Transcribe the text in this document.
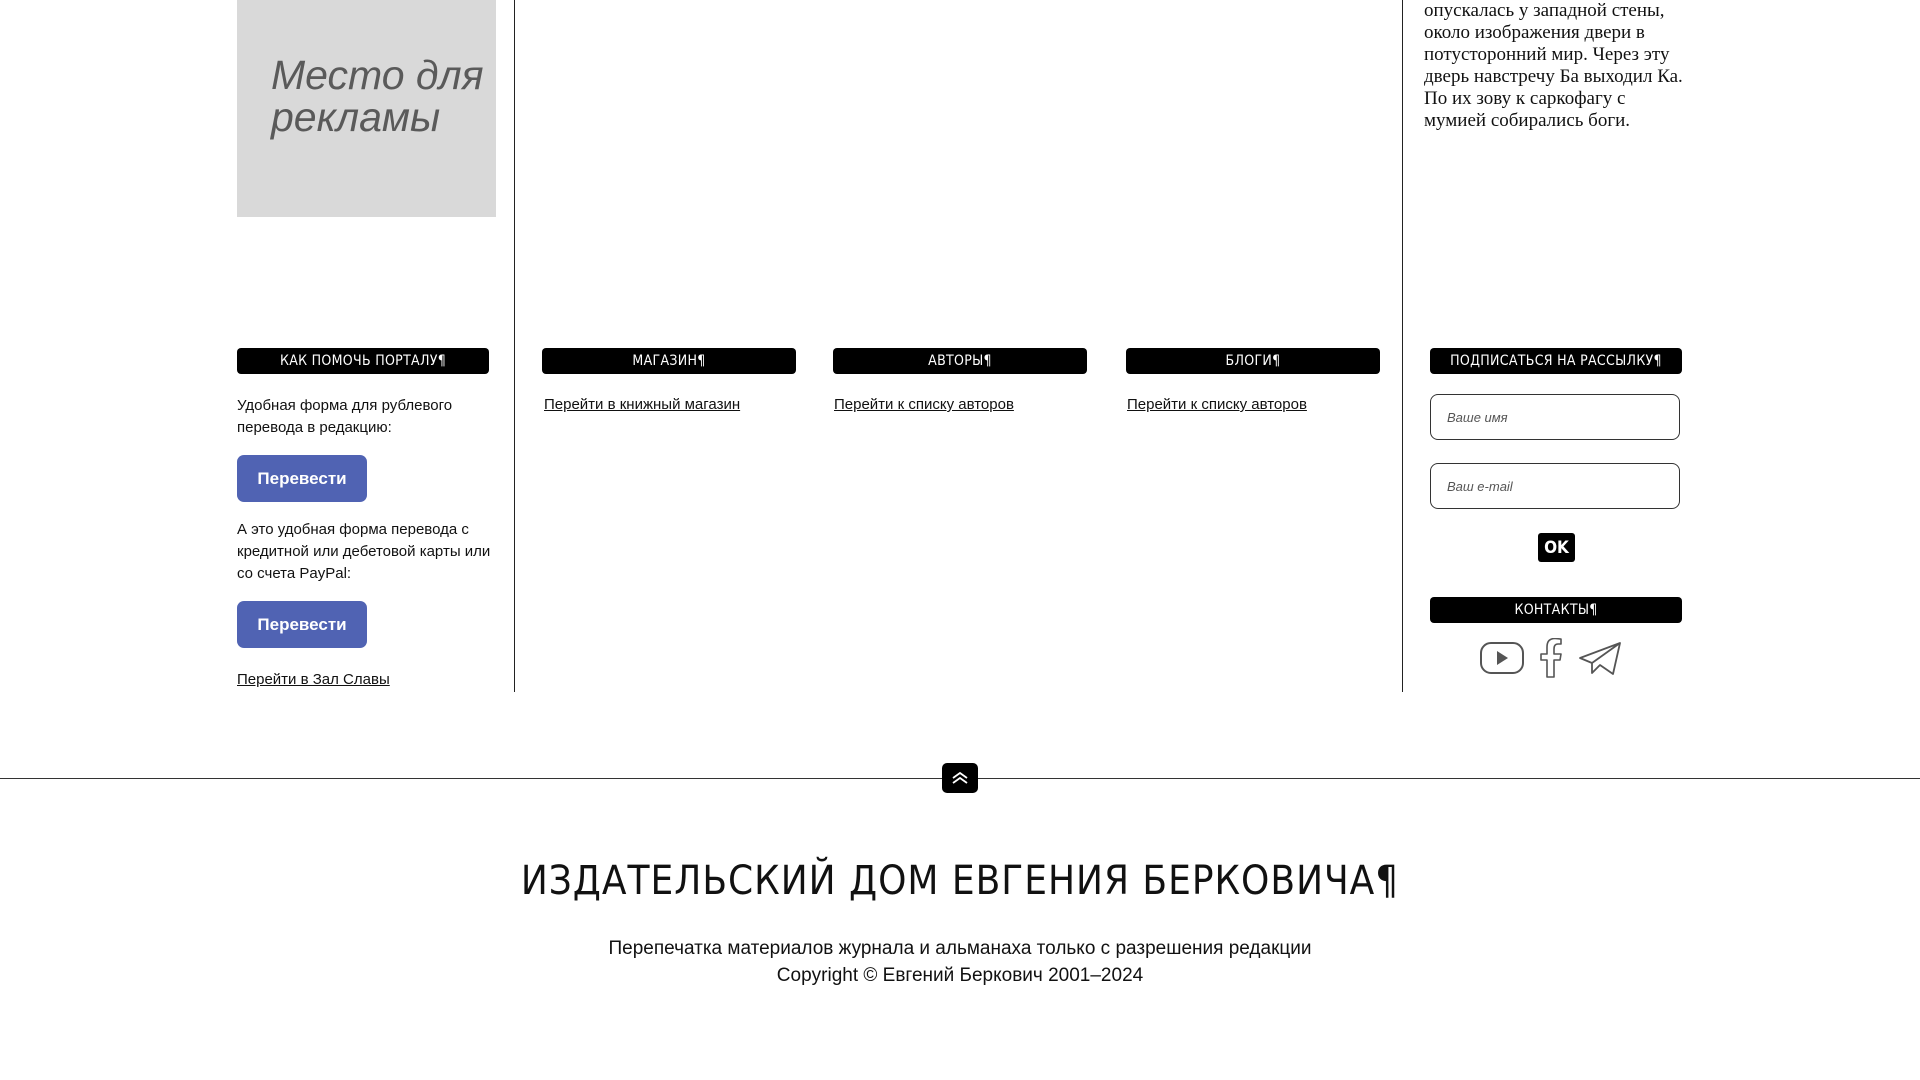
Место для рекламы
опускалась у западной стены, около изображения двери в потусторонний мир. Через эту дверь навстречу Ба выходил Ка. По их зову к саркофагу с мумией собирались боги.
КАК ПОМОЧЬ ПОРТАЛУ¶
Удобная форма для рублевого перевода в редакцию:
Перевести
А это удобная форма перевода с кредитной или дебетовой карты или со счета PayPal:
Перевести
Перейти в Зал Славы
МАГАЗИН¶
Перейти в книжный магазин
АВТОРЫ¶
Перейти к списку авторов
БЛОГИ¶
Перейти к списку авторов
ПОДПИСАТЬСЯ НА РАССЫЛКУ¶
Ваше имя
Ваш e-mail
OK
КОНТАКТЫ¶
ИЗДАТЕЛЬСКИЙ ДОМ ЕВГЕНИЯ БЕРКОВИЧА¶
Перепечатка материалов журнала и альманаха только с разрешения редакции
Copyright © Евгений Беркович 2001–2024
